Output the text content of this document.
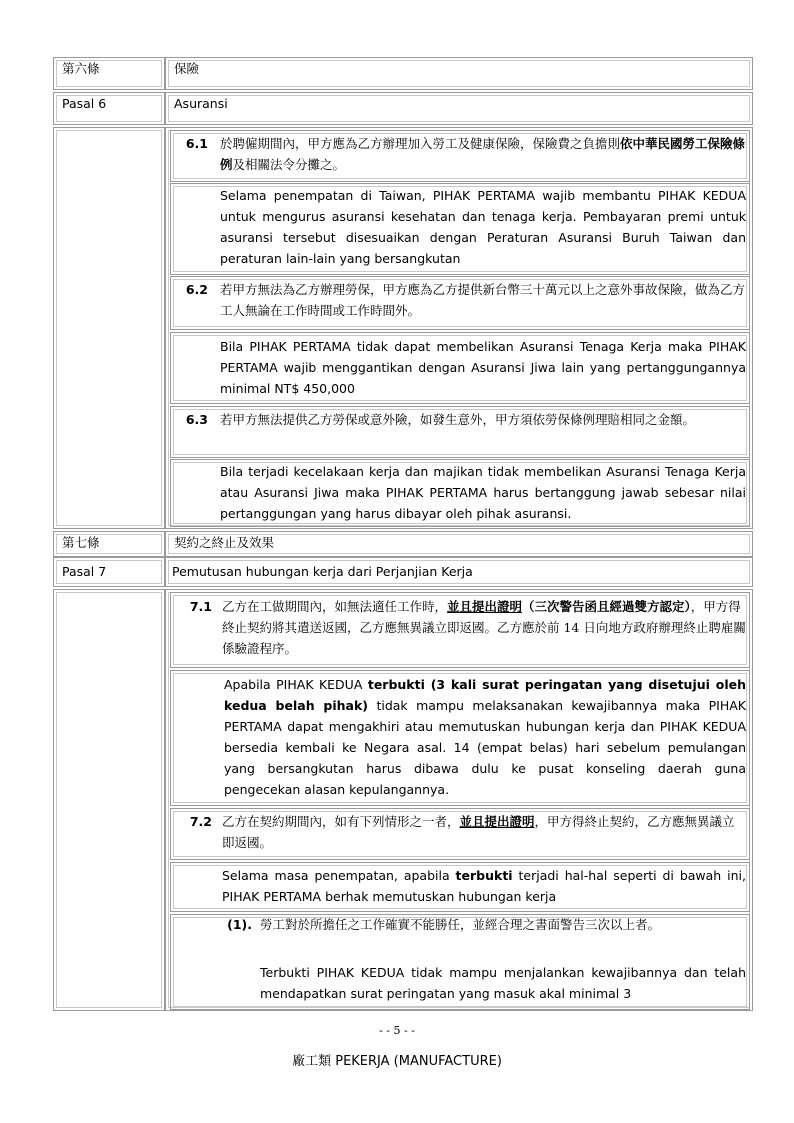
第六條	保險
Pasal 6	Asuransi
6.1 於聘僱期間內，甲方應為乙方辦理加入勞工及健康保險，保險費之負擔則依中華民國勞工保險條例及相關法令分攤之。
Selama penempatan di Taiwan, PIHAK PERTAMA wajib membantu PIHAK KEDUA untuk mengurus asuransi kesehatan dan tenaga kerja. Pembayaran premi untuk asuransi tersebut disesuaikan dengan Peraturan Asuransi Buruh Taiwan dan peraturan lain-lain yang bersangkutan
6.2 若甲方無法為乙方辦理勞保，甲方應為乙方提供新台幣三十萬元以上之意外事故保險，做為乙方工人無論在工作時間或工作時間外。
Bila PIHAK PERTAMA tidak dapat membelikan Asuransi Tenaga Kerja maka PIHAK PERTAMA wajib menggantikan dengan Asuransi Jiwa lain yang pertanggungannya minimal NT$ 450,000
6.3 若甲方無法提供乙方勞保或意外險，如發生意外，甲方須依勞保條例理賠相同之金額。
Bila terjadi kecelakaan kerja dan majikan tidak membelikan Asuransi Tenaga Kerja atau Asuransi Jiwa maka PIHAK PERTAMA harus bertanggung jawab sebesar nilai pertanggungan yang harus dibayar oleh pihak asuransi.
第七條	契約之終止及效果
Pasal 7	Pemutusan hubungan kerja dari Perjanjian Kerja
7.1 乙方在工做期間內，如無法適任工作時，並且提出證明（三次警告函且經過雙方認定），甲方得終止契約將其遣送返國，乙方應無異議立即返國。乙方應於前 14 日向地方政府辦理終止聘雇關係驗證程序。
Apabila PIHAK KEDUA terbukti (3 kali surat peringatan yang disetujui oleh kedua belah pihak) tidak mampu melaksanakan kewajibannya maka PIHAK PERTAMA dapat mengakhiri atau memutuskan hubungan kerja dan PIHAK KEDUA bersedia kembali ke Negara asal. 14 (empat belas) hari sebelum pemulangan yang bersangkutan harus dibawa dulu ke pusat konseling daerah guna pengecekan alasan kepulangannya.
7.2 乙方在契約期間內，如有下列情形之一者，並且提出證明，甲方得終止契約，乙方應無異議立即返國。
Selama masa penempatan, apabila terbukti terjadi hal-hal seperti di bawah ini, PIHAK PERTAMA berhak memutuskan hubungan kerja
(1). 勞工對於所擔任之工作確實不能勝任，並經合理之書面警告三次以上者。
Terbukti PIHAK KEDUA tidak mampu menjalankan kewajibannya dan telah mendapatkan surat peringatan yang masuk akal minimal 3
- - 5 - -
廠工類 PEKERJA (MANUFACTURE)
